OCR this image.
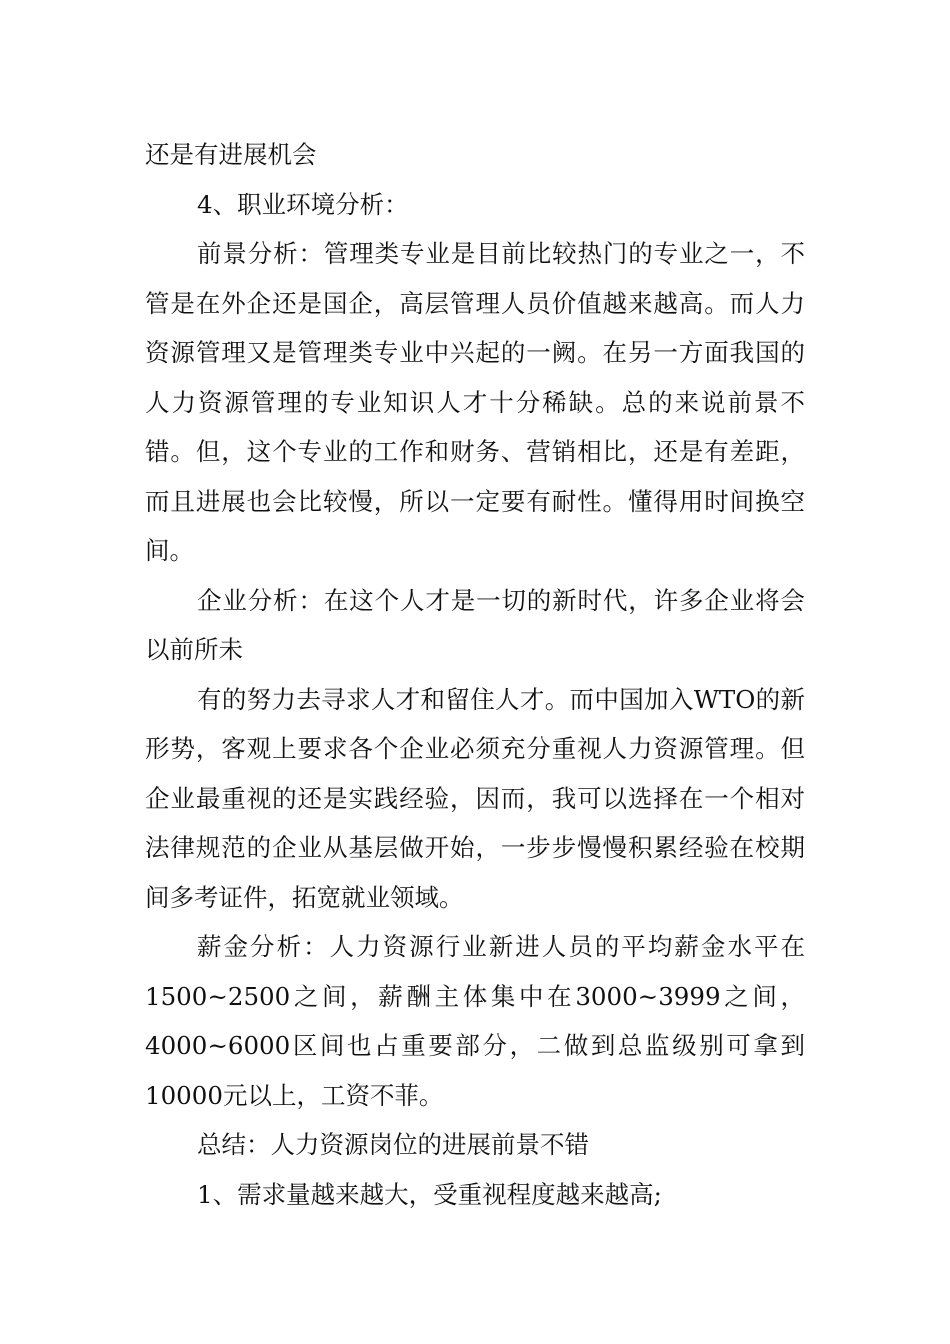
还是有进展机会

4、职业环境分析：

前景分析：管理类专业是目前比较热门的专业之一，不管是在外企还是国企，高层管理人员价值越来越高。而人力资源管理又是管理类专业中兴起的一阙。在另一方面我国的人力资源管理的专业知识人才十分稀缺。总的来说前景不错。但，这个专业的工作和财务、营销相比，还是有差距，而且进展也会比较慢，所以一定要有耐性。懂得用时间换空间。

企业分析：在这个人才是一切的新时代，许多企业将会以前所未

有的努力去寻求人才和留住人才。而中国加入WTO的新形势，客观上要求各个企业必须充分重视人力资源管理。但企业最重视的还是实践经验，因而，我可以选择在一个相对法律规范的企业从基层做开始，一步步慢慢积累经验在校期间多考证件，拓宽就业领域。

薪金分析：人力资源行业新进人员的平均薪金水平在1500~2500之间，薪酬主体集中在3000~3999之间，4000~6000区间也占重要部分，二做到总监级别可拿到10000元以上，工资不菲。

总结：人力资源岗位的进展前景不错

1、需求量越来越大，受重视程度越来越高;
